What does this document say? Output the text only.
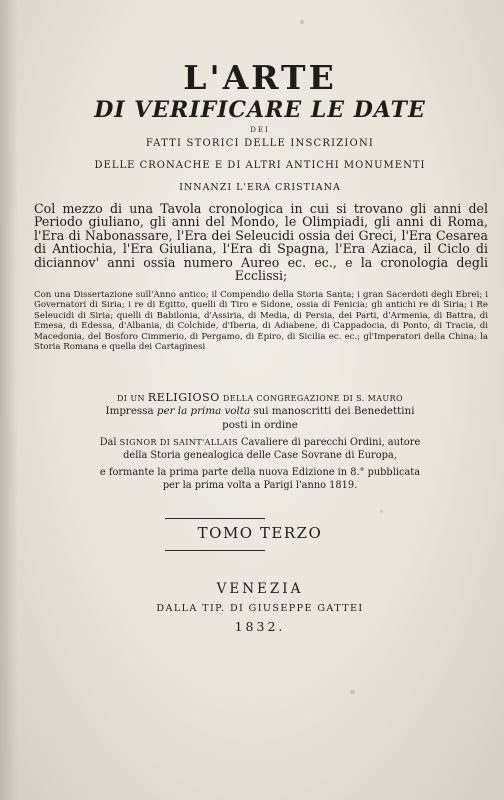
L'ARTE
DI VERIFICARE LE DATE
DEI
FATTI STORICI DELLE INSCRIZIONI
DELLE CRONACHE E DI ALTRI ANTICHI MONUMENTI
INNANZI L'ERA CRISTIANA
Col mezzo di una Tavola cronologica in cui si trovano gli anni del Periodo giuliano, gli anni del Mondo, le Olimpiadi, gli anni di Roma, l'Era di Nabonassare, l'Era dei Seleucidi ossia dei Greci, l'Era Cesarea di Antiochia, l'Era Giuliana, l'Era di Spagna, l'Era Aziaca, il Ciclo di diciannov' anni ossia numero Aureo ec. ec., e la cronologia degli Ecclissi;
Con una Dissertazione sull'Anno antico; il Compendio della Storia Santa; i gran Sacerdoti degli Ebrei; i Governatori di Siria; i re di Egitto, quelli di Tiro e Sidone, ossia di Fenicia; gli antichi re di Siria; i Re Seleucidi di Siria; quelli di Babilonia, d'Assiria, di Media, di Persia, dei Parti, d'Armenia, di Battra, di Emesa, di Edessa, d'Albania, di Colchide, d'Iberia, di Adiabene, di Cappadocia, di Ponto, di Tracia, di Macedonia, del Bosforo Cimmerio, di Pergamo, di Epiro, di Sicilia ec. ec.; gl'Imperatori della China; la Storia Romana e quella dei Cartaginesi
DI UN RELIGIOSO DELLA CONGREGAZIONE DI S. MAURO
Impressa per la prima volta sui manoscritti dei Benedettini
posti in ordine
Dal SIGNOR DI SAINT'ALLAIS Cavaliere di parecchi Ordini, autore
della Storia genealogica delle Case Sovrane di Europa,
e formante la prima parte della nuova Edizione in 8.° pubblicata
per la prima volta a Parigi l'anno 1819.
TOMO TERZO
VENEZIA
DALLA TIP. DI GIUSEPPE GATTEI
1832.
